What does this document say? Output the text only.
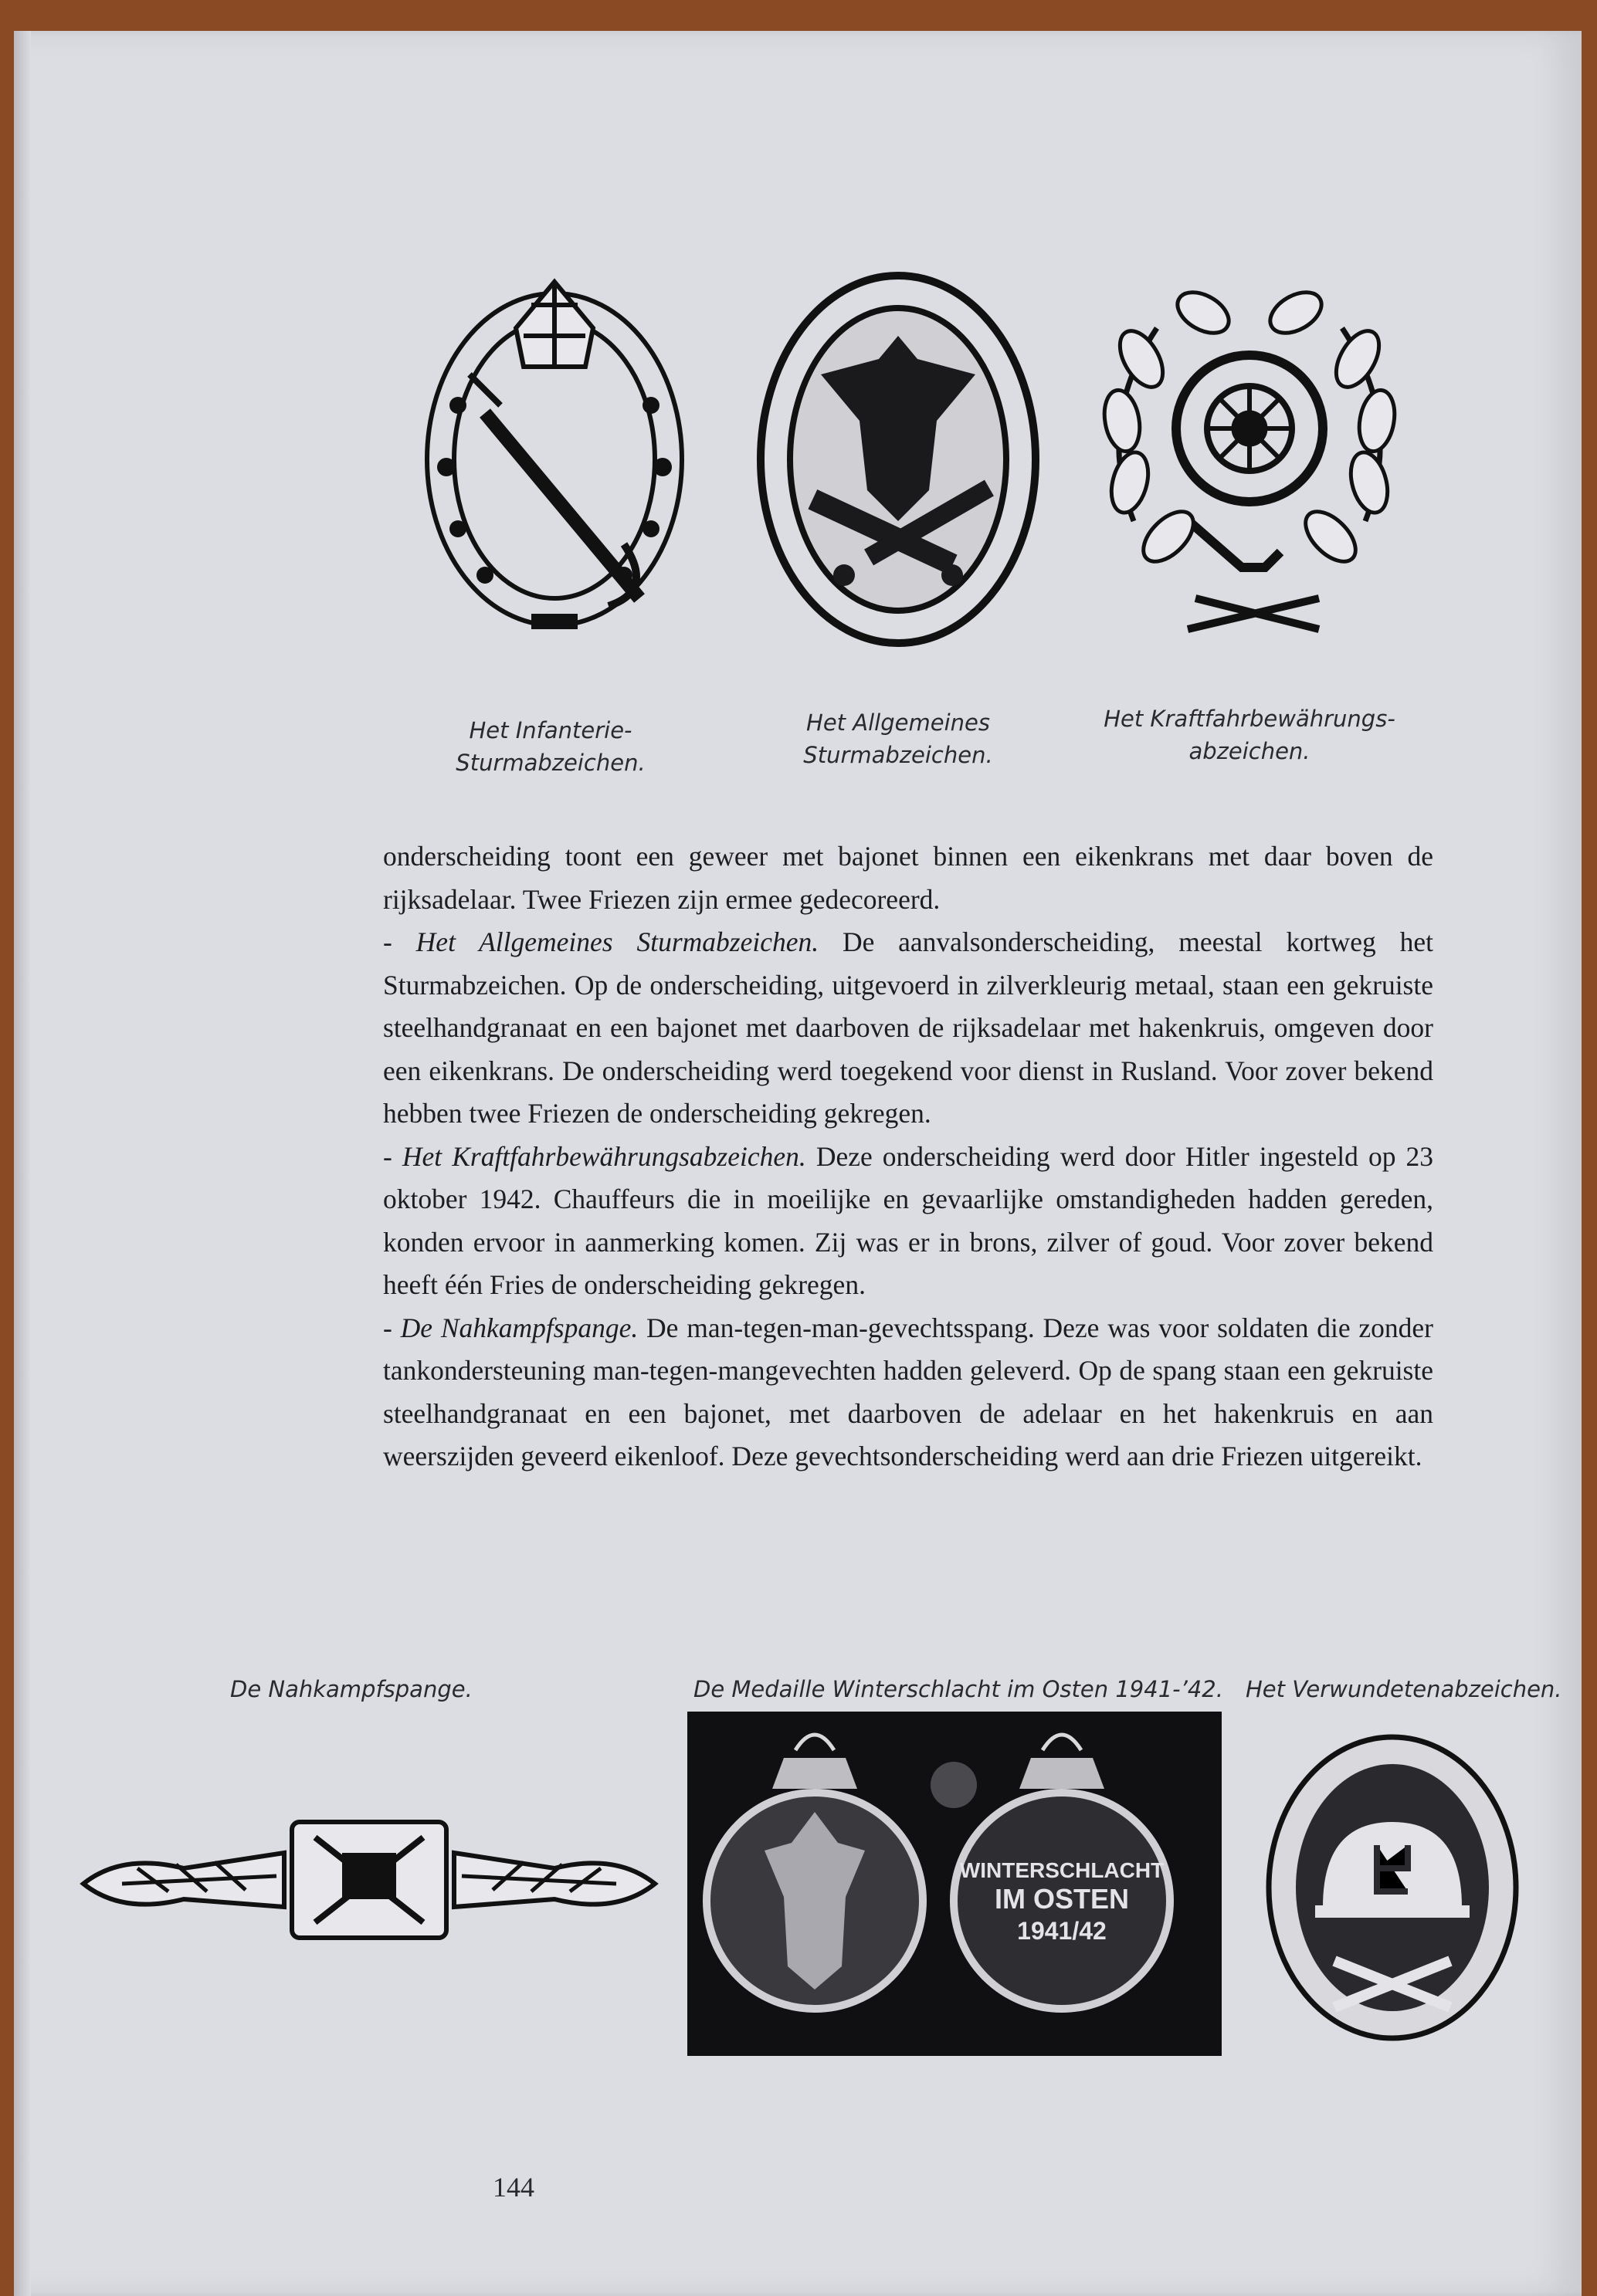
Het Infanterie-
Sturmabzeichen.
Het Allgemeines
Sturmabzeichen.
Het Kraftfahrbewährungs-
abzeichen.

onderscheiding toont een geweer met bajonet binnen een eikenkrans met daar boven de rijksadelaar. Twee Friezen zijn ermee gedecoreerd.

- Het Allgemeines Sturmabzeichen. De aanvalsonderscheiding, meestal kortweg het Sturmabzeichen. Op de onderscheiding, uitgevoerd in zilverkleurig metaal, staan een gekruiste steelhandgranaat en een bajonet met daarboven de rijksadelaar met hakenkruis, omgeven door een eikenkrans. De onderscheiding werd toegekend voor dienst in Rusland. Voor zover bekend hebben twee Friezen de onderscheiding gekregen.

- Het Kraftfahrbewährungsabzeichen. Deze onderscheiding werd door Hitler ingesteld op 23 oktober 1942. Chauffeurs die in moeilijke en gevaarlijke omstandigheden hadden gereden, konden ervoor in aanmerking komen. Zij was er in brons, zilver of goud. Voor zover bekend heeft één Fries de onderscheiding gekregen.

- De Nahkampfspange. De man-tegen-man-gevechtsspang. Deze was voor soldaten die zonder tankondersteuning man-tegen-mangevechten hadden geleverd. Op de spang staan een gekruiste steelhandgranaat en een bajonet, met daarboven de adelaar en het hakenkruis en aan weerszijden geveerd eikenloof. Deze gevechtsonderscheiding werd aan drie Friezen uitgereikt.

De Nahkampfspange.	De Medaille Winterschlacht im Osten 1941-’42.	Het Verwundetenabzeichen.
WINTERSCHLACHT
IM OSTEN
1941/42
144
